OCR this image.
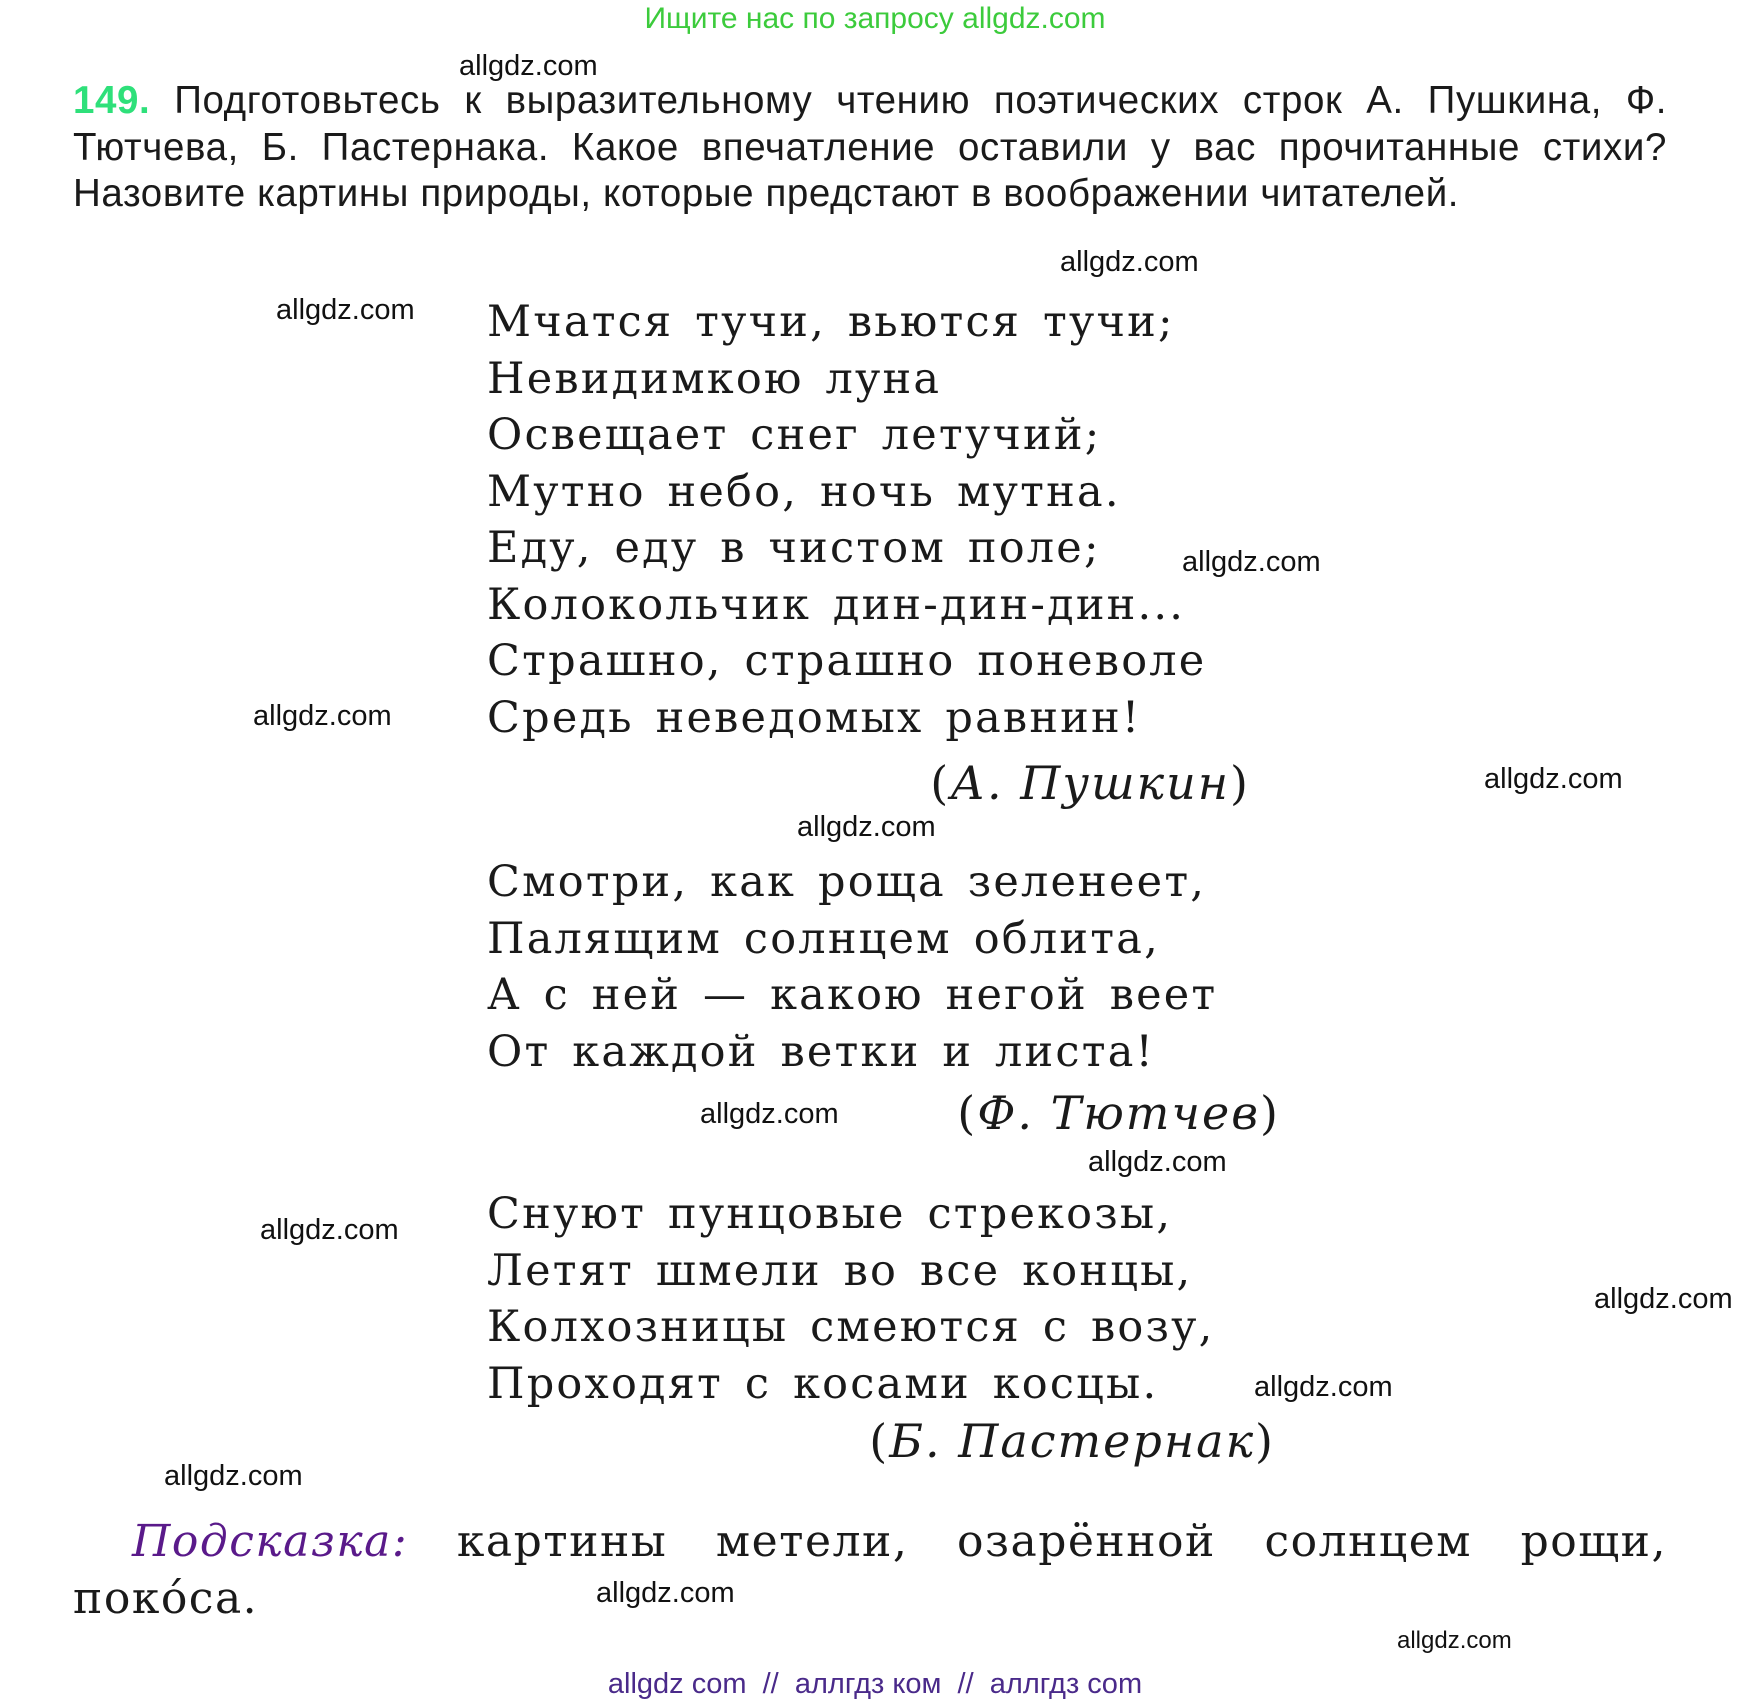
Ищите нас по запросу allgdz.com
149. Подготовьтесь к выразительному чтению поэтических строк А. Пушкина, Ф. Тютчева, Б. Пастернака. Какое впечатление оставили у вас прочитанные стихи? Назовите картины природы, которые предстают в воображении читателей.
Мчатся тучи, вьются тучи;
Невидимкою луна
Освещает снег летучий;
Мутно небо, ночь мутна.
Еду, еду в чистом поле;
Колокольчик дин-дин-дин...
Страшно, страшно поневоле
Средь неведомых равнин!
(А. Пушкин)
Смотри, как роща зеленеет,
Палящим солнцем облита,
А с ней — какою негой веет
От каждой ветки и листа!
(Ф. Тютчев)
Снуют пунцовые стрекозы,
Летят шмели во все концы,
Колхозницы смеются с возу,
Проходят с косами косцы.
(Б. Пастернак)
Подсказка: картины метели, озарённой солнцем рощи, поко́са.
allgdz.com
allgdz.com
allgdz.com
allgdz.com
allgdz.com
allgdz.com
allgdz.com
allgdz.com
allgdz.com
allgdz.com
allgdz.com
allgdz.com
allgdz.com
allgdz.com
allgdz.com
allgdz com  //  аллгдз ком  //  аллгдз com
